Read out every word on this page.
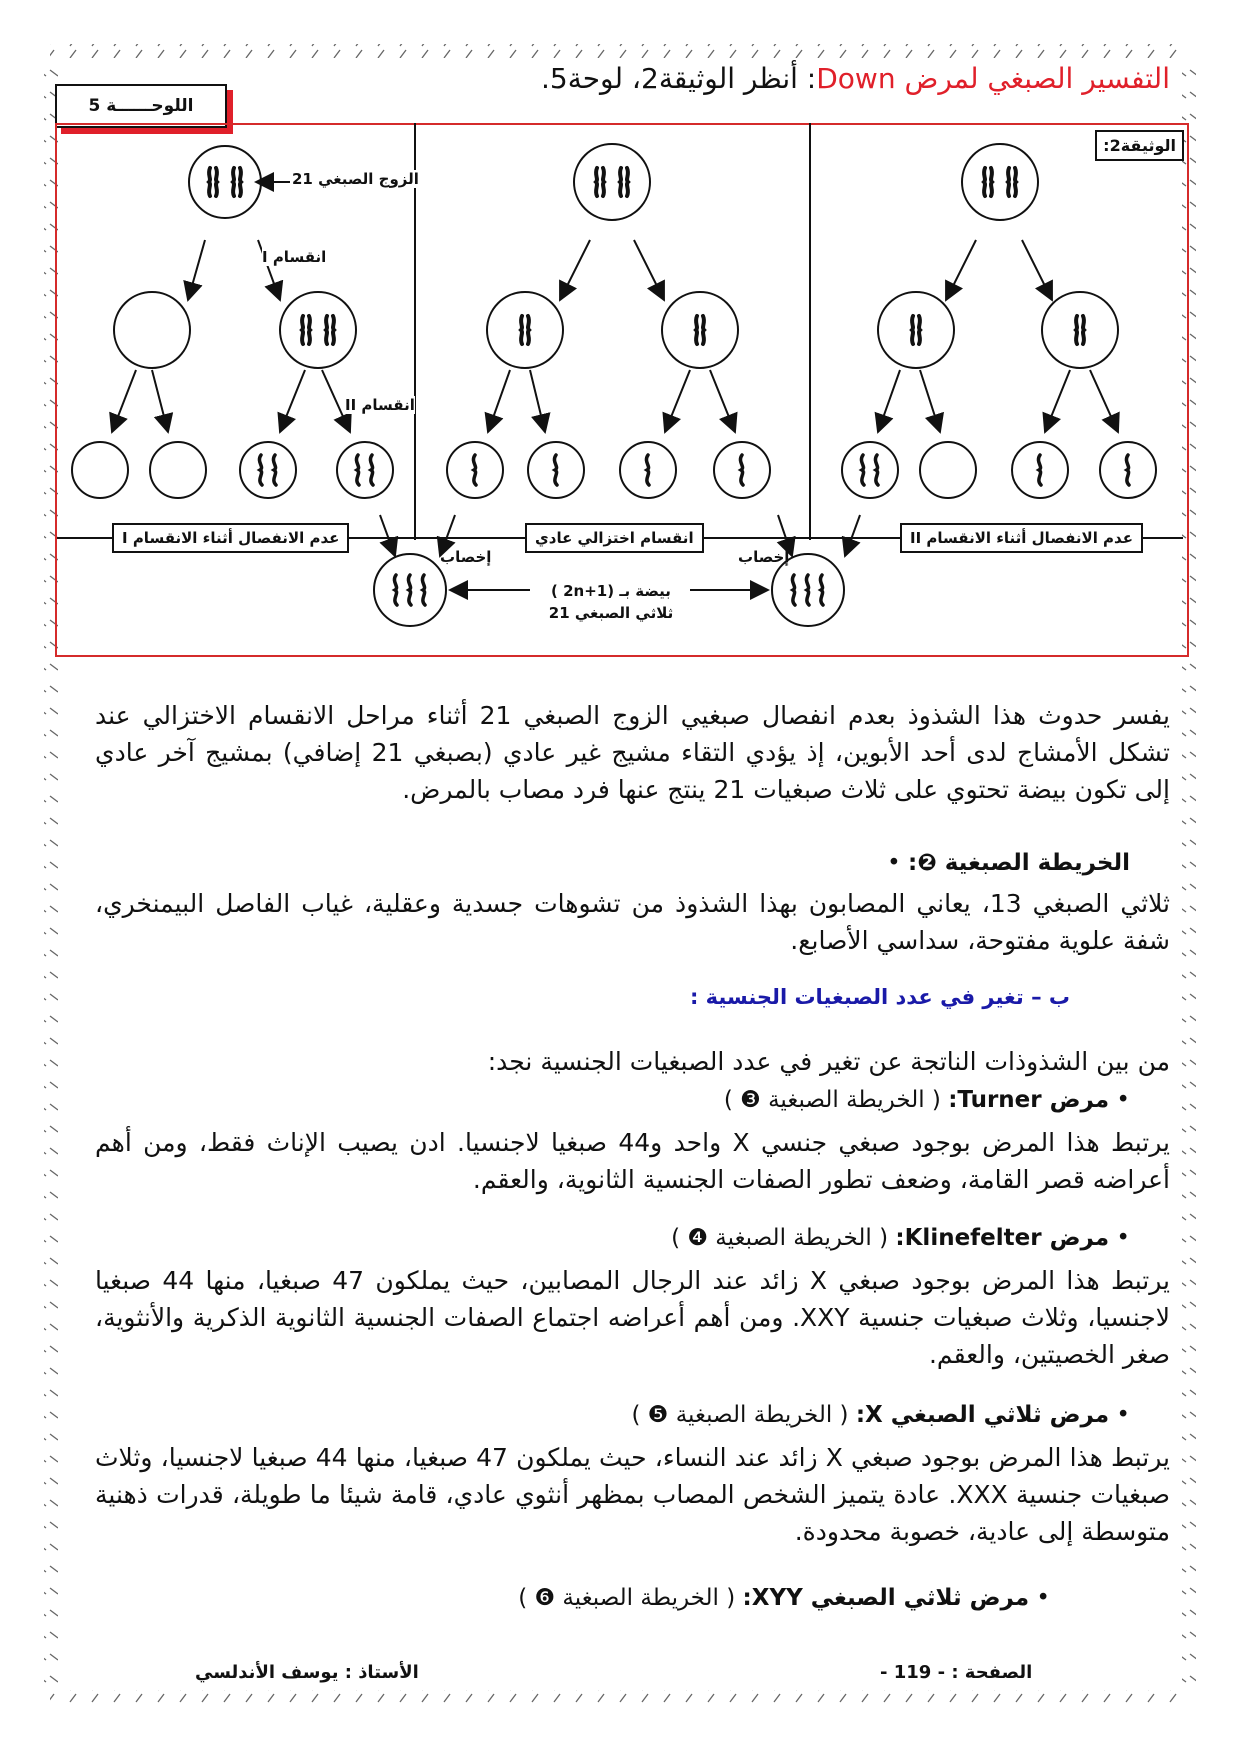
التفسير الصبغي لمرض Down: أنظر الوثيقة2، لوحة5.
اللوحــــــة 5
الوثيقة2:
الزوج الصبغي 21
انقسام I
انقسام II
عدم الانفصال أثناء الانقسام I	انقسام اختزالي عادي	عدم الانفصال أثناء الانقسام II
إخصاب	إخصاب
بيضة بـ (2n+1 )
ثلاثي الصبغي 21
يفسر حدوث هذا الشذوذ بعدم انفصال صبغيي الزوج الصبغي 21 أثناء مراحل الانقسام الاختزالي عند تشكل الأمشاج لدى أحد الأبوين، إذ يؤدي التقاء مشيج غير عادي (بصبغي 21 إضافي) بمشيج آخر عادي إلى تكون بيضة تحتوي على ثلاث صبغيات 21 ينتج عنها فرد مصاب بالمرض.
الخريطة الصبغية ❷: •
ثلاثي الصبغي 13، يعاني المصابون بهذا الشذوذ من تشوهات جسدية وعقلية، غياب الفاصل البيمنخري، شفة علوية مفتوحة، سداسي الأصابع.
ب – تغير في عدد الصبغيات الجنسية :
من بين الشذوذات الناتجة عن تغير في عدد الصبغيات الجنسية نجد:
• مرض Turner: ( الخريطة الصبغية ❸ )
يرتبط هذا المرض بوجود صبغي جنسي X واحد و44 صبغيا لاجنسيا. ادن يصيب الإناث فقط، ومن أهم أعراضه قصر القامة، وضعف تطور الصفات الجنسية الثانوية، والعقم.
• مرض Klinefelter: ( الخريطة الصبغية ❹ )
يرتبط هذا المرض بوجود صبغي X زائد عند الرجال المصابين، حيث يملكون 47 صبغيا، منها 44 صبغيا لاجنسيا، وثلاث صبغيات جنسية XXY. ومن أهم أعراضه اجتماع الصفات الجنسية الثانوية الذكرية والأنثوية، صغر الخصيتين، والعقم.
• مرض ثلاثي الصبغي X: ( الخريطة الصبغية ❺ )
يرتبط هذا المرض بوجود صبغي X زائد عند النساء، حيث يملكون 47 صبغيا، منها 44 صبغيا لاجنسيا، وثلاث صبغيات جنسية XXX. عادة يتميز الشخص المصاب بمظهر أنثوي عادي، قامة شيئا ما طويلة، قدرات ذهنية متوسطة إلى عادية، خصوبة محدودة.
• مرض ثلاثي الصبغي XYY: ( الخريطة الصبغية ❻ )
الصفحة : - 119 -
الأستاذ : يوسف الأندلسي
